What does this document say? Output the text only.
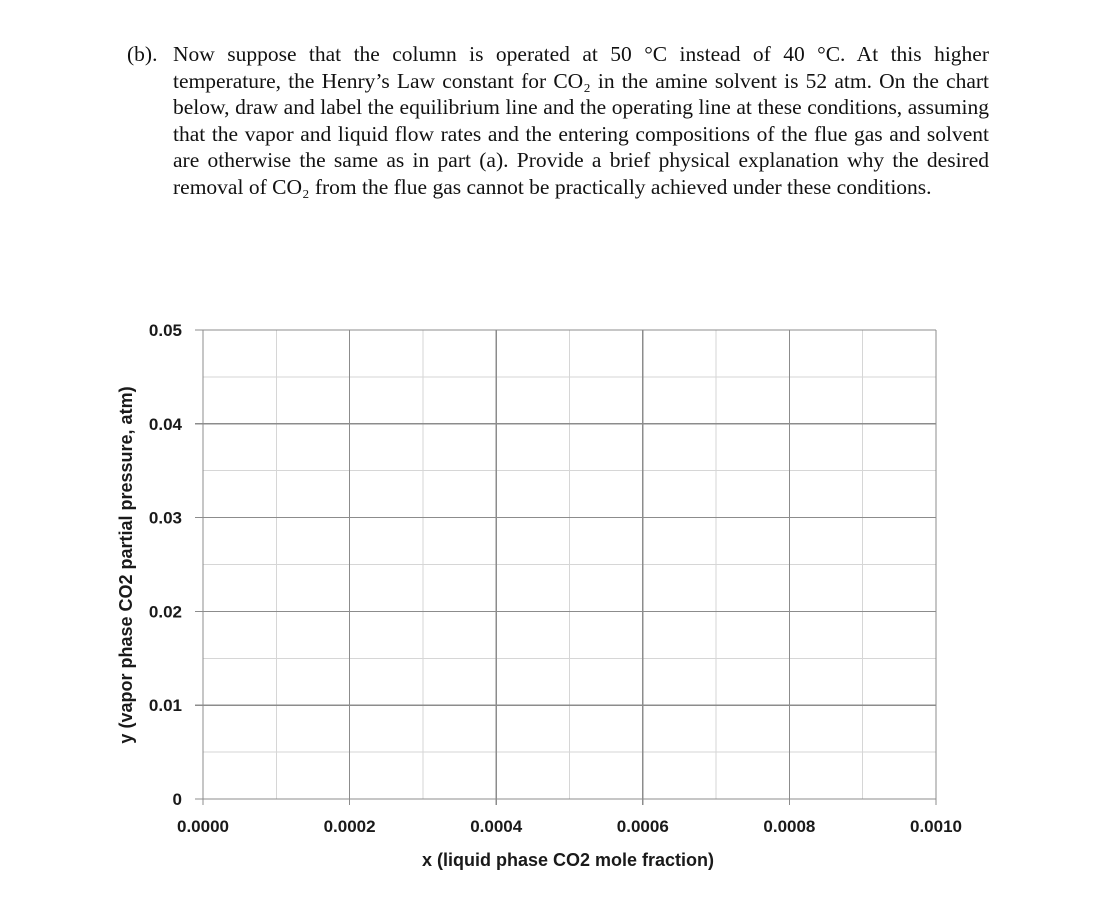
(b). Now suppose that the column is operated at 50 °C instead of 40 °C. At this higher temperature, the Henry’s Law constant for CO₂ in the amine solvent is 52 atm. On the chart below, draw and label the equilibrium line and the operating line at these conditions, assuming that the vapor and liquid flow rates and the entering compositions of the flue gas and solvent are otherwise the same as in part (a). Provide a brief physical explanation why the desired removal of CO₂ from the flue gas cannot be practically achieved under these conditions.

0
0.01
0.02
0.03
0.04
0.05
0.0000	0.0002	0.0004	0.0006	0.0008	0.0010
x (liquid phase CO2 mole fraction)
y (vapor phase CO2 partial pressure, atm)
